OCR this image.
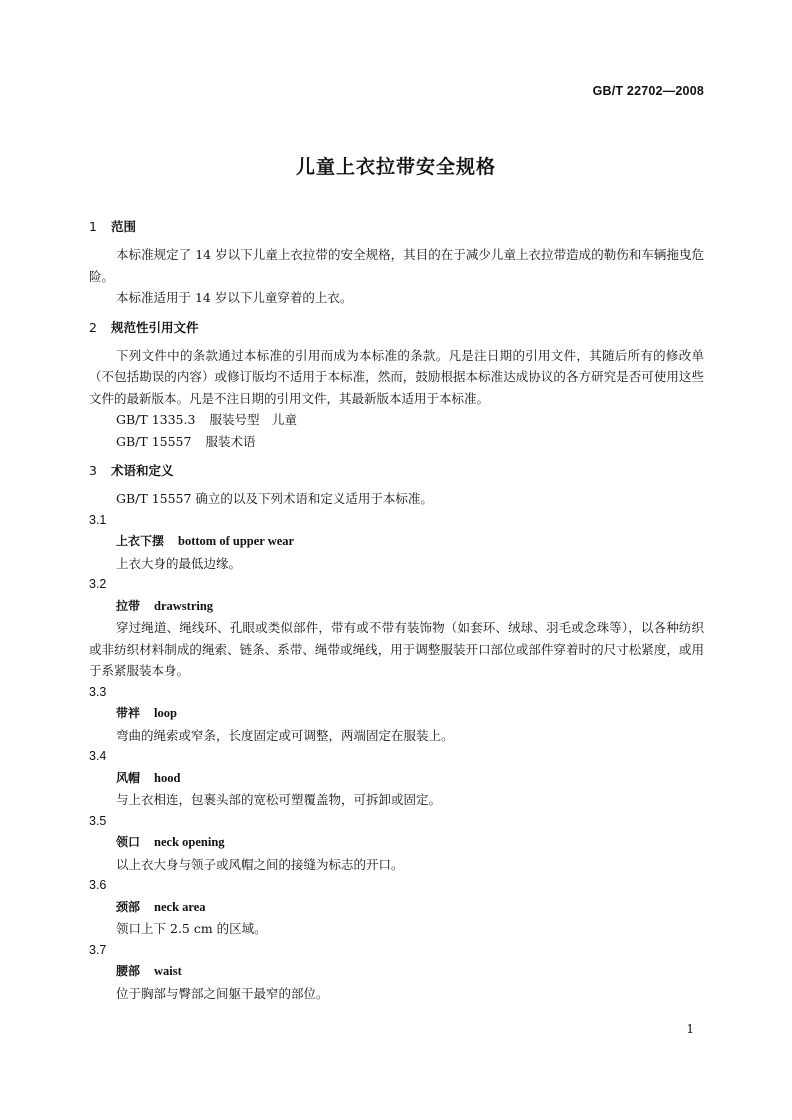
GB/T 22702—2008
儿童上衣拉带安全规格
1 范围

本标准规定了 14 岁以下儿童上衣拉带的安全规格，其目的在于减少儿童上衣拉带造成的勒伤和车辆拖曳危险。

本标准适用于 14 岁以下儿童穿着的上衣。

2 规范性引用文件

下列文件中的条款通过本标准的引用而成为本标准的条款。凡是注日期的引用文件，其随后所有的修改单（不包括勘误的内容）或修订版均不适用于本标准，然而，鼓励根据本标准达成协议的各方研究是否可使用这些文件的最新版本。凡是不注日期的引用文件，其最新版本适用于本标准。

GB/T 1335.3 服装号型　儿童
GB/T 15557 服装术语
3 术语和定义

GB/T 15557 确立的以及下列术语和定义适用于本标准。

3.1
上衣下摆 bottom of upper wear
上衣大身的最低边缘。
3.2
拉带 drawstring
穿过绳道、绳线环、孔眼或类似部件，带有或不带有装饰物（如套环、绒球、羽毛或念珠等），以各种纺织或非纺织材料制成的绳索、链条、系带、绳带或绳线，用于调整服装开口部位或部件穿着时的尺寸松紧度，或用于系紧服装本身。
3.3
带袢 loop
弯曲的绳索或窄条，长度固定或可调整，两端固定在服装上。
3.4
风帽 hood
与上衣相连，包裹头部的宽松可塑覆盖物，可拆卸或固定。
3.5
领口 neck opening
以上衣大身与领子或风帽之间的接缝为标志的开口。
3.6
颈部 neck area
领口上下 2.5 cm 的区域。
3.7
腰部 waist
位于胸部与臀部之间躯干最窄的部位。
1
